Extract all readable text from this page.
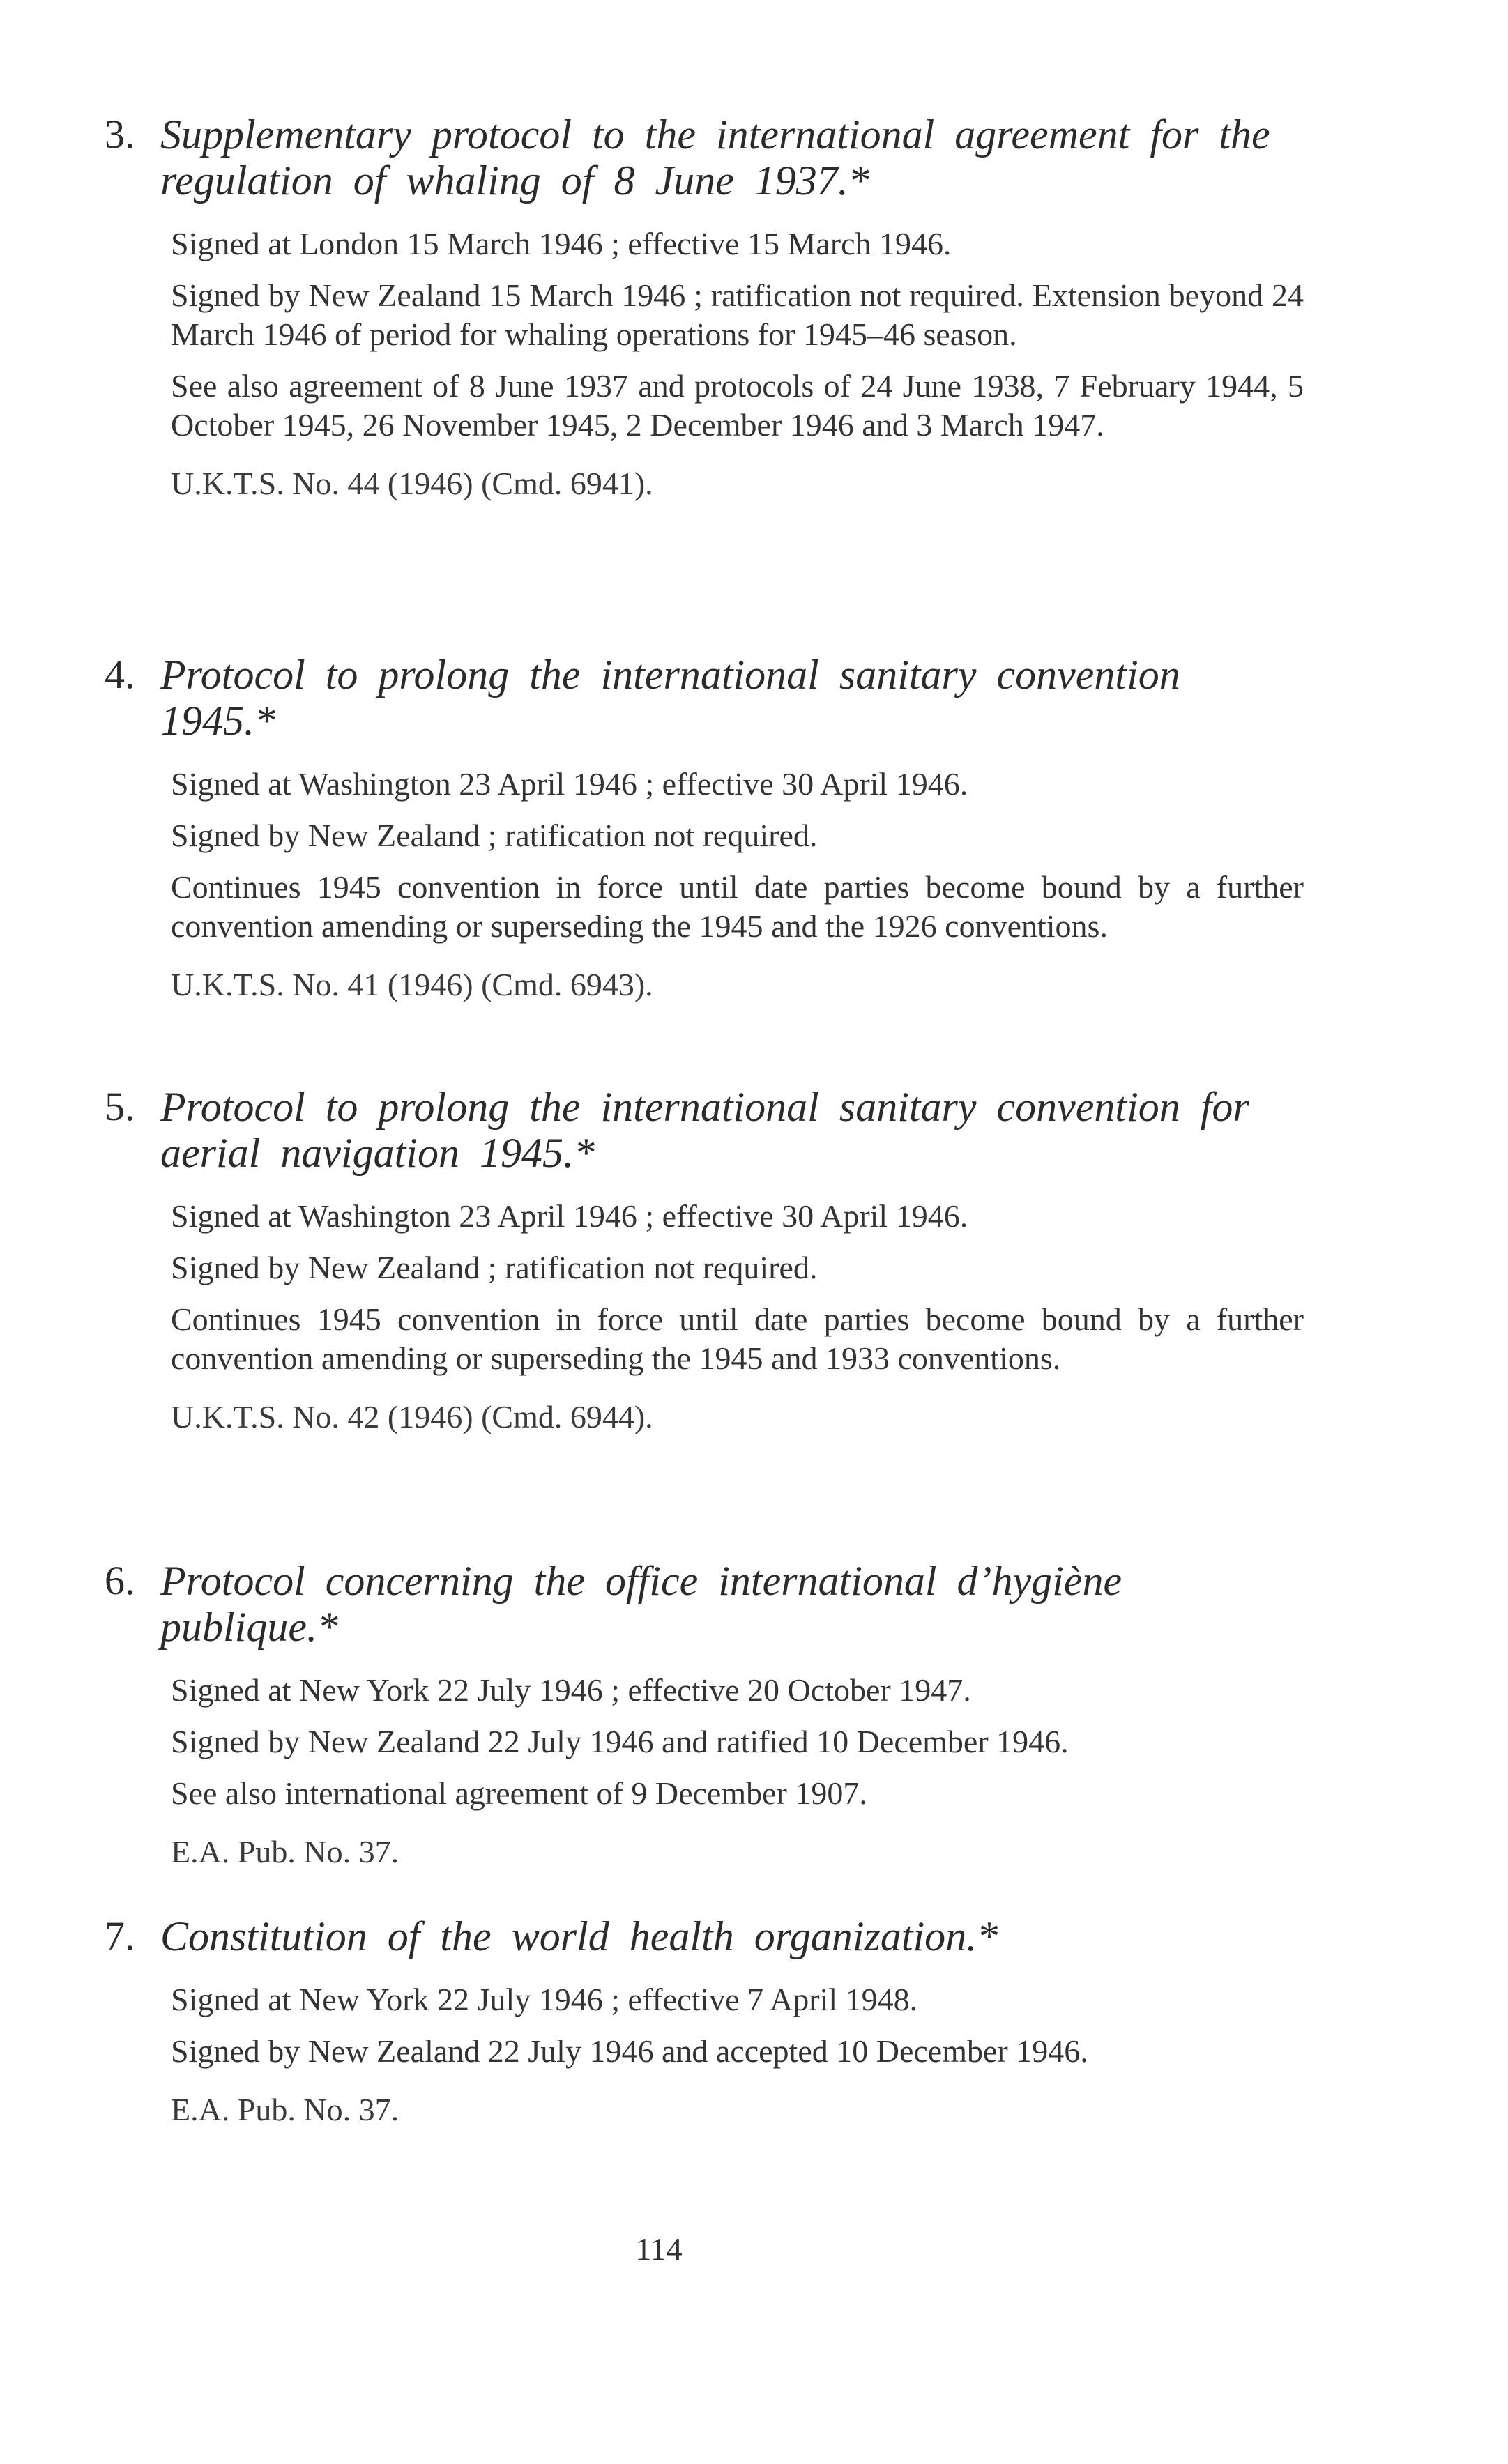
3. Supplementary protocol to the international agreement for the regulation of whaling of 8 June 1937.*

Signed at London 15 March 1946 ; effective 15 March 1946.

Signed by New Zealand 15 March 1946 ; ratification not required. Extension beyond 24 March 1946 of period for whaling operations for 1945–46 season.

See also agreement of 8 June 1937 and protocols of 24 June 1938, 7 February 1944, 5 October 1945, 26 November 1945, 2 December 1946 and 3 March 1947.

U.K.T.S. No. 44 (1946) (Cmd. 6941).
4. Protocol to prolong the international sanitary convention 1945.*

Signed at Washington 23 April 1946 ; effective 30 April 1946.

Signed by New Zealand ; ratification not required.

Continues 1945 convention in force until date parties become bound by a further convention amending or superseding the 1945 and the 1926 conventions.

U.K.T.S. No. 41 (1946) (Cmd. 6943).
5. Protocol to prolong the international sanitary convention for aerial navigation 1945.*

Signed at Washington 23 April 1946 ; effective 30 April 1946.

Signed by New Zealand ; ratification not required.

Continues 1945 convention in force until date parties become bound by a further convention amending or superseding the 1945 and 1933 conventions.

U.K.T.S. No. 42 (1946) (Cmd. 6944).
6. Protocol concerning the office international d’hygiène publique.*

Signed at New York 22 July 1946 ; effective 20 October 1947.

Signed by New Zealand 22 July 1946 and ratified 10 December 1946.

See also international agreement of 9 December 1907.

E.A. Pub. No. 37.
7. Constitution of the world health organization.*

Signed at New York 22 July 1946 ; effective 7 April 1948.

Signed by New Zealand 22 July 1946 and accepted 10 December 1946.

E.A. Pub. No. 37.
114
